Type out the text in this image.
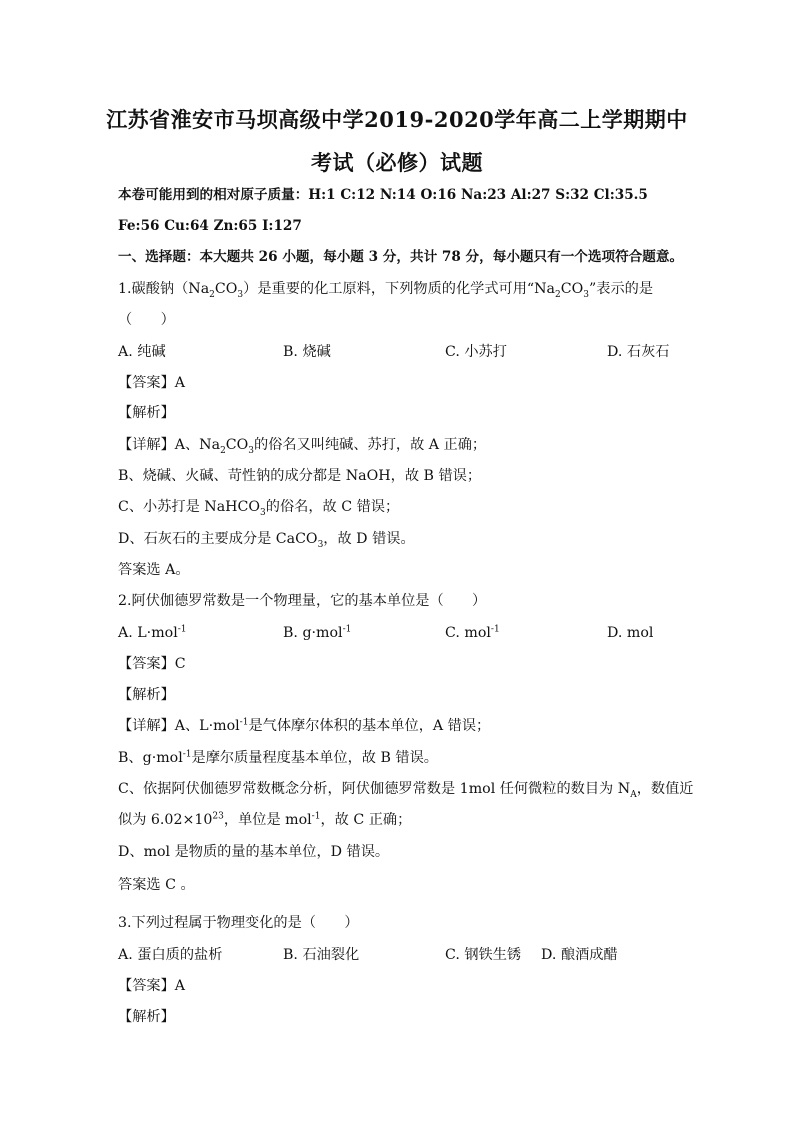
江苏省淮安市马坝高级中学2019-2020学年高二上学期期中
考试（必修）试题
本卷可能用到的相对原子质量：H:1 C:12 N:14 O:16 Na:23 Al:27 S:32 Cl:35.5
Fe:56 Cu:64 Zn:65 I:127
一、选择题：本大题共 26 小题，每小题 3 分，共计 78 分，每小题只有一个选项符合题意。
1.碳酸钠$(Na_2CO_3)$是重要的化工原料，下列物质的化学式可用“$Na_2CO_3$”表示的是
（　　）
A. 纯碱	B. 烧碱	C. 小苏打	D. 石灰石
【答案】A
【解析】
【详解】A、$Na_2CO_3$的俗名又叫纯碱、苏打，故 A 正确；
B、烧碱、火碱、苛性钠的成分都是 NaOH，故 B 错误；
C、小苏打是 NaHCO$_3$的俗名，故 C 错误；
D、石灰石的主要成分是 CaCO$_3$，故 D 错误。
答案选 A。
2.阿伏伽德罗常数是一个物理量，它的基本单位是（　　）
A. L·mol$^{-1}$	B. g·mol$^{-1}$	C. mol$^{-1}$	D. mol
【答案】C
【解析】
【详解】A、L·mol$^{-1}$是气体摩尔体积的基本单位，A 错误；
B、g·mol$^{-1}$是摩尔质量程度基本单位，故 B 错误。
C、依据阿伏伽德罗常数概念分析，阿伏伽德罗常数是 1mol 任何微粒的数目为 $N_A$，数值近
似为 $6.02\times 10^{23}$，单位是 mol$^{-1}$，故 C 正确；
D、mol 是物质的量的基本单位，D 错误。
答案选 C 。
3.下列过程属于物理变化的是（　　）
A. 蛋白质的盐析	B. 石油裂化	C. 钢铁生锈 D. 酿酒成醋
【答案】A
【解析】
